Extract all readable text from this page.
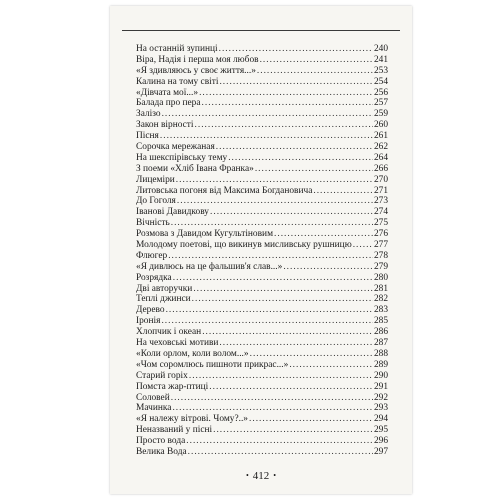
На останній зупинці .....	240
Віра, Надія і перша моя любов .....	241
«Я здивляюсь у своє життя...» .....	253
Калина на тому світі .....	254
«Дівчата мої...» .....	256
Балада про пера .....	257
Залізо .....	259
Закон вірності .....	260
Пісня .....	261
Сорочка мережаная .....	262
На шекспірівську тему .....	264
З поеми «Хліб Івана Франка» .....	266
Лицеміри .....	270
Литовська погоня від Максима Богдановича .....	271
До Гоголя .....	273
Іванові Давидкову .....	274
Вічність .....	275
Розмова з Давидом Кугультіновим .....	276
Молодому поетові, що викинув мисливську рушницю ..... 277
Флюгер .....	278
«Я дивлюсь на це фальшив'я слав...» .....	279
Розрядка .....	280
Дві авторучки .....	281
Теплі джинси .....	282
Дерево .....	283
Іронія .....	285
Хлопчик і океан .....	286
На чеховські мотиви .....	287
«Коли орлом, коли волом...» .....	288
«Чом соромлюсь пишноти прикрас...» .....	289
Старий горіх .....	290
Помста жар-птиці .....	291
Соловей .....	292
Мачинка .....	293
«Я належу вітрові. Чому?..» .....	294
Неназваний у пісні .....	295
Просто вода .....	296
Велика Вода .....	297
• 412 •
